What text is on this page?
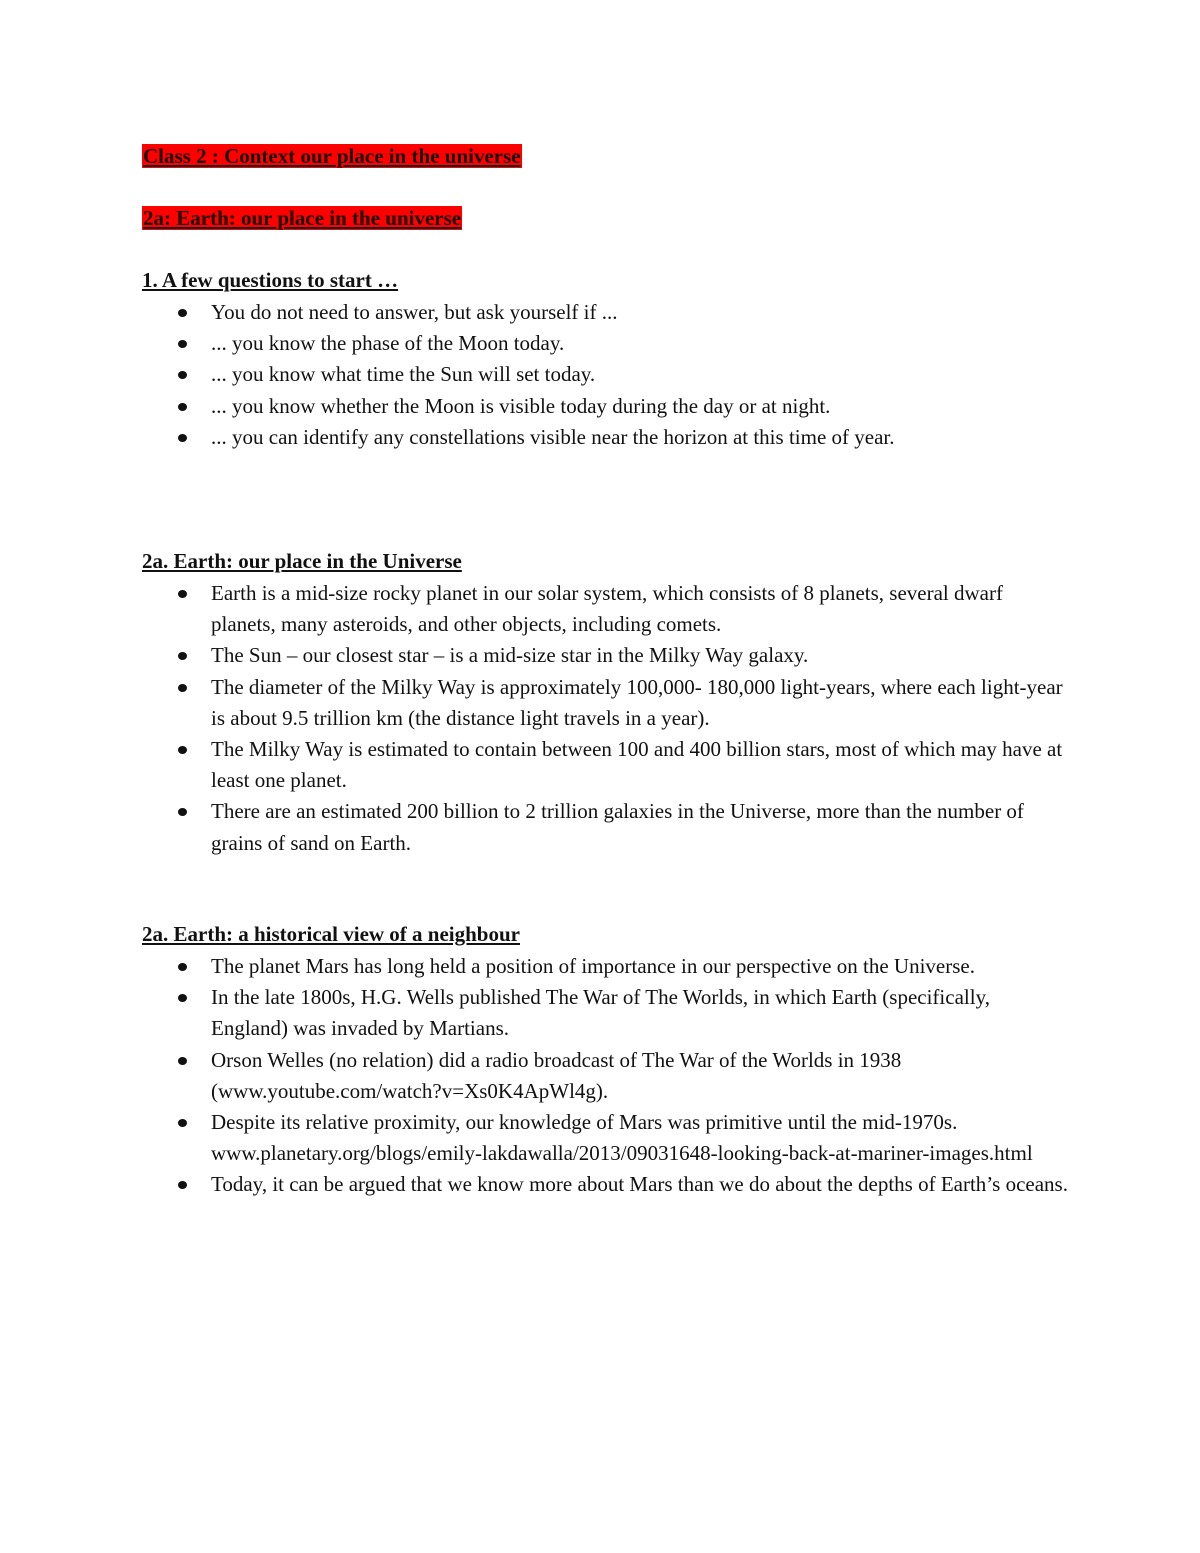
Class 2 : Context our place in the universe
2a: Earth: our place in the universe
1. A few questions to start …
You do not need to answer, but ask yourself if ...
... you know the phase of the Moon today.
... you know what time the Sun will set today.
... you know whether the Moon is visible today during the day or at night.
... you can identify any constellations visible near the horizon at this time of year.
2a. Earth: our place in the Universe
Earth is a mid-size rocky planet in our solar system, which consists of 8 planets, several dwarf planets, many asteroids, and other objects, including comets.
The Sun – our closest star – is a mid-size star in the Milky Way galaxy.
The diameter of the Milky Way is approximately 100,000- 180,000 light-years, where each light-year is about 9.5 trillion km (the distance light travels in a year).
The Milky Way is estimated to contain between 100 and 400 billion stars, most of which may have at least one planet.
There are an estimated 200 billion to 2 trillion galaxies in the Universe, more than the number of grains of sand on Earth.
2a. Earth: a historical view of a neighbour
The planet Mars has long held a position of importance in our perspective on the Universe.
In the late 1800s, H.G. Wells published The War of The Worlds, in which Earth (specifically, England) was invaded by Martians.
Orson Welles (no relation) did a radio broadcast of The War of the Worlds in 1938 (www.youtube.com/watch?v=Xs0K4ApWl4g).
Despite its relative proximity, our knowledge of Mars was primitive until the mid-1970s. www.planetary.org/blogs/emily-lakdawalla/2013/09031648-looking-back-at-mariner-images.html
Today, it can be argued that we know more about Mars than we do about the depths of Earth’s oceans.
